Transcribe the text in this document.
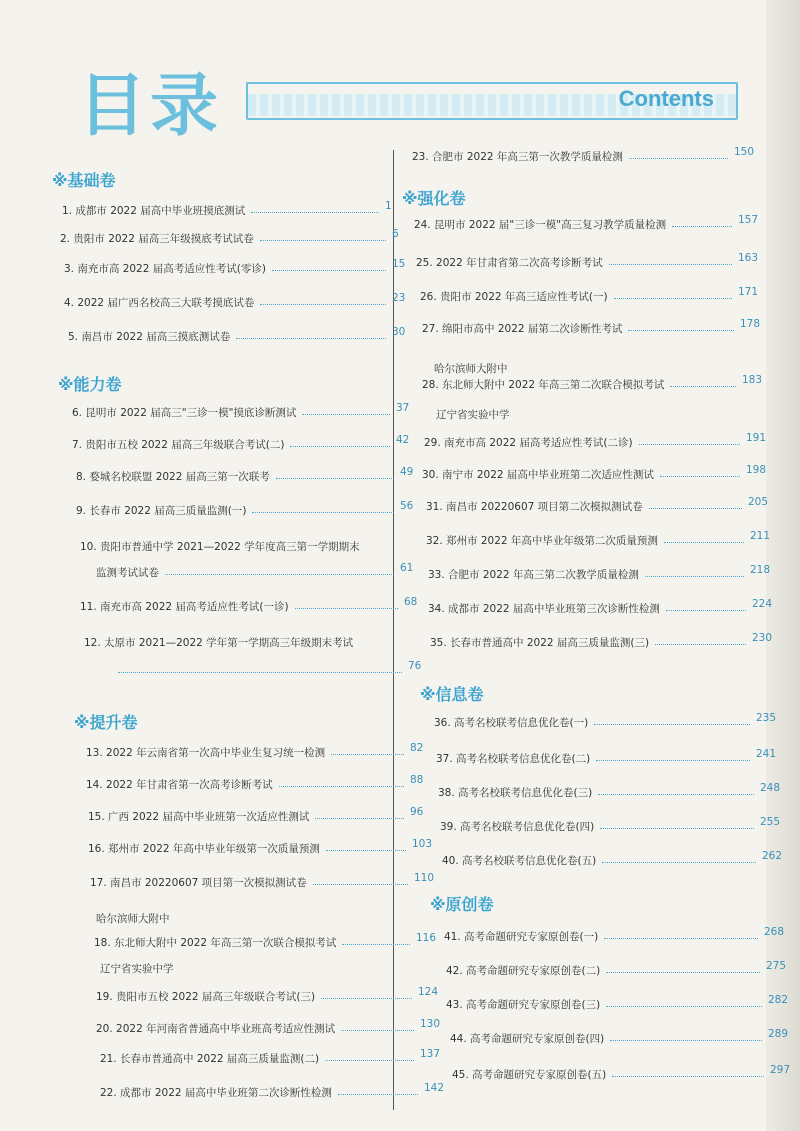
Contents
目录
※基础卷
※能力卷
※提升卷
※强化卷
※信息卷
※原创卷
1. 成都市 2022 届高中毕业班摸底测试	1
2. 贵阳市 2022 届高三年级摸底考试试卷	6
3. 南充市高 2022 届高考适应性考试(零诊)	15
4. 2022 届广西名校高三大联考摸底试卷	23
5. 南昌市 2022 届高三摸底测试卷	30
6. 昆明市 2022 届高三"三诊一模"摸底诊断测试	37
7. 贵阳市五校 2022 届高三年级联合考试(二)	42
8. 婺城名校联盟 2022 届高三第一次联考	49
9. 长春市 2022 届高三质量监测(一)	56
10. 贵阳市普通中学 2021—2022 学年度高三第一学期期末
监测考试试卷	61
11. 南充市高 2022 届高考适应性考试(一诊)	68
12. 太原市 2021—2022 学年第一学期高三年级期末考试
76
13. 2022 年云南省第一次高中毕业生复习统一检测	82
14. 2022 年甘肃省第一次高考诊断考试	88
15. 广西 2022 届高中毕业班第一次适应性测试	96
16. 郑州市 2022 年高中毕业年级第一次质量预测	103
17. 南昌市 20220607 项目第一次模拟测试卷	110
哈尔滨师大附中
18. 东北师大附中 2022 年高三第一次联合模拟考试	116
辽宁省实验中学
19. 贵阳市五校 2022 届高三年级联合考试(三)	124
20. 2022 年河南省普通高中毕业班高考适应性测试	130
21. 长春市普通高中 2022 届高三质量监测(二)	137
22. 成都市 2022 届高中毕业班第二次诊断性检测	142
23. 合肥市 2022 年高三第一次教学质量检测	150
24. 昆明市 2022 届"三诊一模"高三复习教学质量检测	157
25. 2022 年甘肃省第二次高考诊断考试	163
26. 贵阳市 2022 年高三适应性考试(一)	171
27. 绵阳市高中 2022 届第二次诊断性考试	178
哈尔滨师大附中
28. 东北师大附中 2022 年高三第二次联合模拟考试	183
辽宁省实验中学
29. 南充市高 2022 届高考适应性考试(二诊)	191
30. 南宁市 2022 届高中毕业班第二次适应性测试	198
31. 南昌市 20220607 项目第二次模拟测试卷	205
32. 郑州市 2022 年高中毕业年级第二次质量预测	211
33. 合肥市 2022 年高三第二次教学质量检测	218
34. 成都市 2022 届高中毕业班第三次诊断性检测	224
35. 长春市普通高中 2022 届高三质量监测(三)	230
36. 高考名校联考信息优化卷(一)	235
37. 高考名校联考信息优化卷(二)	241
38. 高考名校联考信息优化卷(三)	248
39. 高考名校联考信息优化卷(四)	255
40. 高考名校联考信息优化卷(五)	262
41. 高考命题研究专家原创卷(一)	268
42. 高考命题研究专家原创卷(二)	275
43. 高考命题研究专家原创卷(三)	282
44. 高考命题研究专家原创卷(四)	289
45. 高考命题研究专家原创卷(五)	297
